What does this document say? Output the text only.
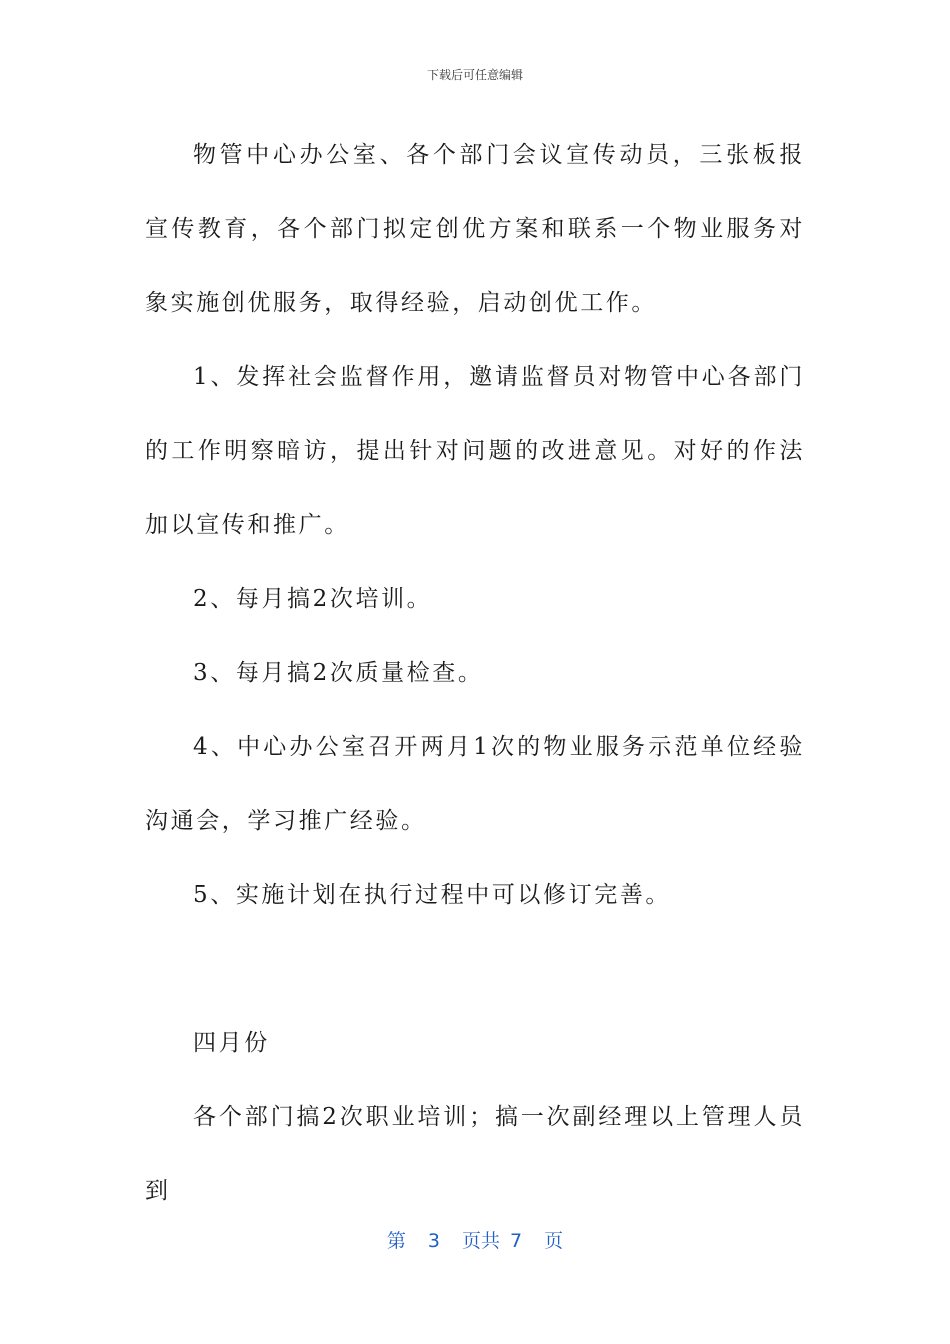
下载后可任意编辑

物管中心办公室、各个部门会议宣传动员，三张板报宣传教育，各个部门拟定创优方案和联系一个物业服务对象实施创优服务，取得经验，启动创优工作。

1、发挥社会监督作用，邀请监督员对物管中心各部门的工作明察暗访，提出针对问题的改进意见。对好的作法加以宣传和推广。

2、每月搞2次培训。

3、每月搞2次质量检查。

4、中心办公室召开两月1次的物业服务示范单位经验沟通会，学习推广经验。

5、实施计划在执行过程中可以修订完善。

四月份

各个部门搞2次职业培训；搞一次副经理以上管理人员到

第 3 页共 7 页
